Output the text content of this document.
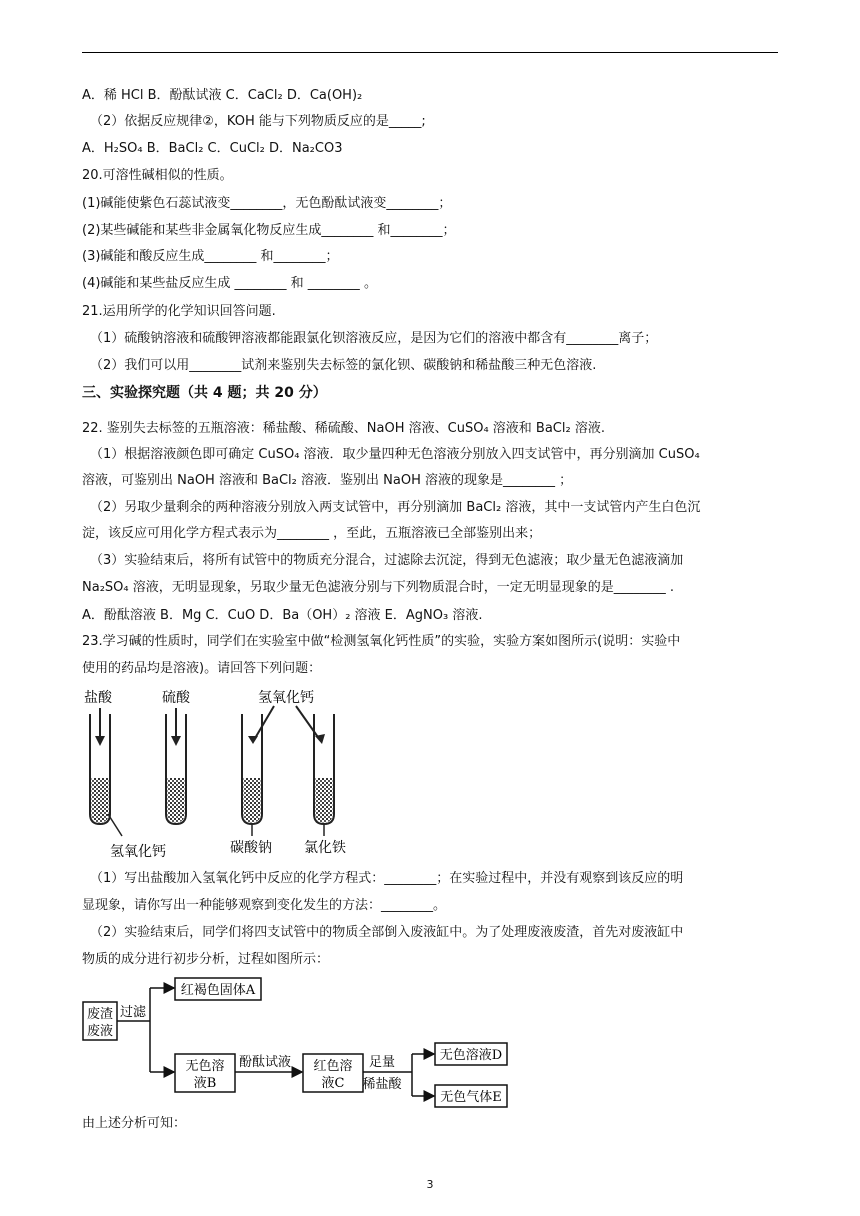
A．稀 HCl B．酚酞试液 C．CaCl₂ D．Ca(OH)₂
（2）依据反应规律②，KOH 能与下列物质反应的是_____;
A．H₂SO₄ B．BaCl₂ C．CuCl₂ D．Na₂CO3
20.可溶性碱相似的性质。
(1)碱能使紫色石蕊试液变________，无色酚酞试液变________；
(2)某些碱能和某些非金属氧化物反应生成________ 和________；
(3)碱能和酸反应生成________ 和________；
(4)碱能和某些盐反应生成 ________ 和 ________ 。
21.运用所学的化学知识回答问题.
（1）硫酸钠溶液和硫酸钾溶液都能跟氯化钡溶液反应，是因为它们的溶液中都含有________离子；
（2）我们可以用________试剂来鉴别失去标签的氯化钡、碳酸钠和稀盐酸三种无色溶液.
三、实验探究题（共 4 题；共 20 分）
22. 鉴别失去标签的五瓶溶液：稀盐酸、稀硫酸、NaOH 溶液、CuSO₄ 溶液和 BaCl₂ 溶液.
（1）根据溶液颜色即可确定 CuSO₄ 溶液．取少量四种无色溶液分别放入四支试管中，再分别滴加 CuSO₄
溶液，可鉴别出 NaOH 溶液和 BaCl₂ 溶液．鉴别出 NaOH 溶液的现象是________ ；
（2）另取少量剩余的两种溶液分别放入两支试管中，再分别滴加 BaCl₂ 溶液，其中一支试管内产生白色沉
淀，该反应可用化学方程式表示为________ ，至此，五瓶溶液已全部鉴别出来；
（3）实验结束后，将所有试管中的物质充分混合，过滤除去沉淀，得到无色滤液；取少量无色滤液滴加
Na₂SO₄ 溶液，无明显现象，另取少量无色滤液分别与下列物质混合时，一定无明显现象的是________ .
A．酚酞溶液 B．Mg C．CuO D．Ba（OH）₂ 溶液 E．AgNO₃ 溶液.
23.学习碱的性质时，同学们在实验室中做“检测氢氧化钙性质”的实验，实验方案如图所示(说明：实验中
使用的药品均是溶液)。请回答下列问题：
盐酸	硫酸	氢氧化钙
氢氧化钙	碳酸钠 氯化铁
（1）写出盐酸加入氢氧化钙中反应的化学方程式：________；在实验过程中，并没有观察到该反应的明
显现象，请你写出一种能够观察到变化发生的方法：________。
（2）实验结束后，同学们将四支试管中的物质全部倒入废液缸中。为了处理废液废渣，首先对废液缸中
物质的成分进行初步分析，过程如图所示：
废渣
废液
过滤
红褐色固体A
无色溶
液B
酚酞试液 红色溶
液C
足量
稀盐酸
无色溶液D
无色气体E
由上述分析可知：
3
